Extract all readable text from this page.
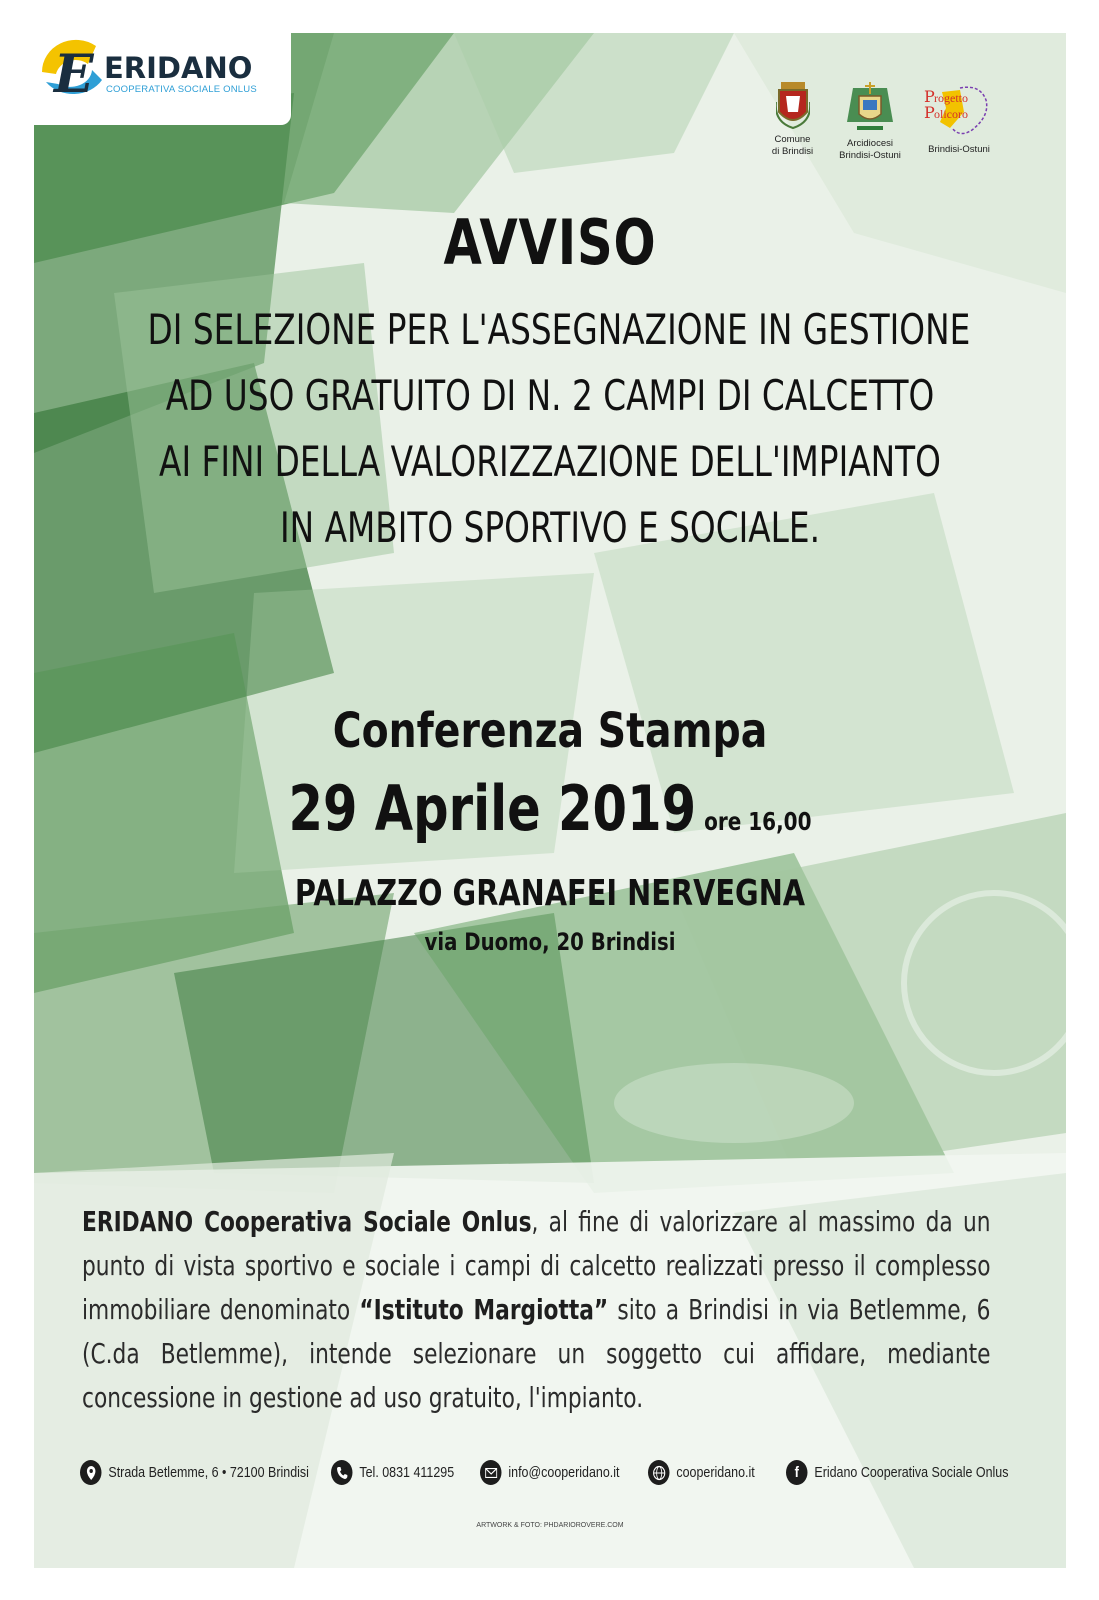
E ERIDANO
COOPERATIVA SOCIALE ONLUS
Comune
di Brindisi
Arcidiocesi
Brindisi-Ostuni
P rogetto
P olicoro
Brindisi-Ostuni
AVVISO
DI SELEZIONE PER L'ASSEGNAZIONE IN GESTIONE
AD USO GRATUITO DI N. 2 CAMPI DI CALCETTO
AI FINI DELLA VALORIZZAZIONE DELL'IMPIANTO
IN AMBITO SPORTIVO E SOCIALE.
Conferenza Stampa
29 Aprile 2019 ore 16,00
PALAZZO GRANAFEI NERVEGNA
via Duomo, 20 Brindisi
ERIDANO Cooperativa Sociale Onlus, al fine di valorizzare al massimo da un punto di vista sportivo e sociale i campi di calcetto realizzati presso il complesso immobiliare denominato “Istituto Margiotta” sito a Brindisi in via Betlemme, 6 (C.da Betlemme), intende selezionare un soggetto cui affidare, mediante concessione in gestione ad uso gratuito, l'impianto.
Strada Betlemme, 6 • 72100 Brindisi	Tel. 0831 411295	info@cooperidano.it	cooperidano.it	f Eridano Cooperativa Sociale Onlus
ARTWORK & FOTO: PHDARIOROVERE.COM
